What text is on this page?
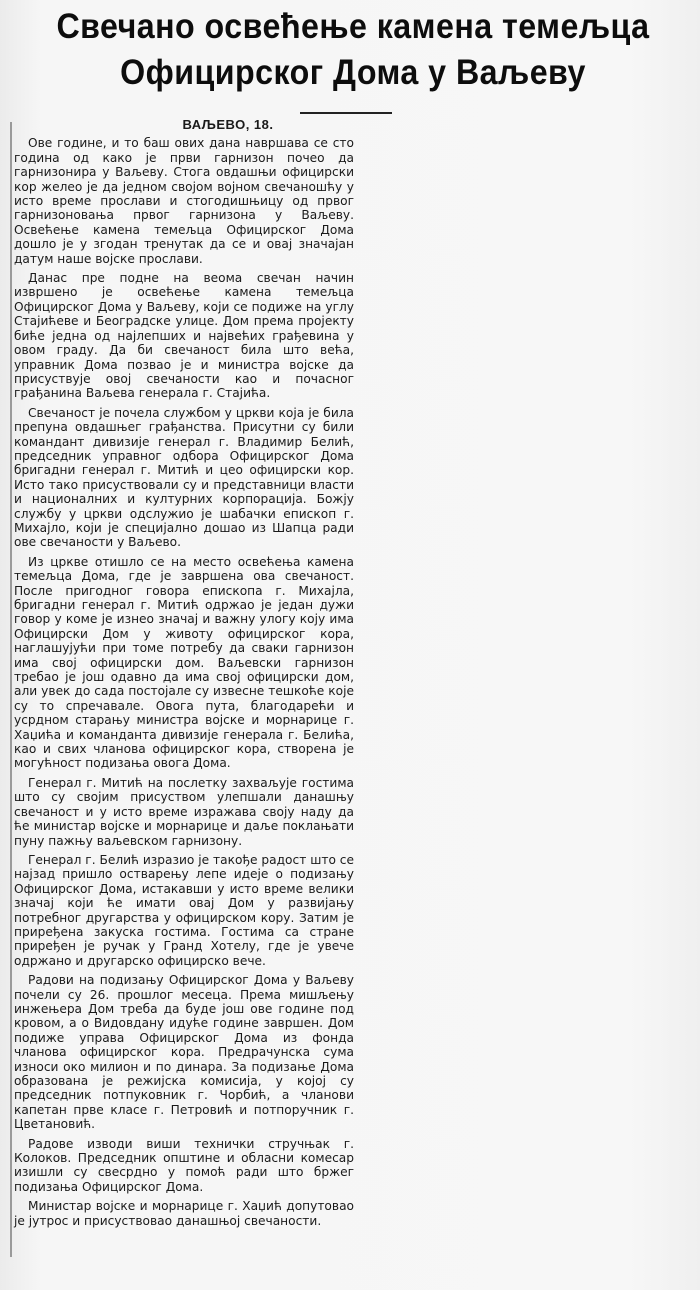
Свечано освећење камена темељца
Официрског Дома у Ваљеву
ВАЉЕВО, 18.

Ове године, и то баш ових дана навршава се сто година од како је први гарнизон почео да гарнизонира у Ваљеву. Стога овдашњи официрски кор желео је да једном својом војном свечаношћу у исто време прослави и стогодишњицу од првог гарнизоновања првог гарнизона у Ваљеву. Освећење камена темељца Официрског Дома дошло је у згодан тренутак да се и овај значајан датум наше војске прослави.

Данас пре подне на веома свечан начин извршено је освећење камена темељца Официрског Дома у Ваљеву, који се подиже на углу Стајићеве и Београдске улице. Дом према пројекту биће једна од најлепших и највећих грађевина у овом граду. Да би свечаност била што већа, управник Дома позвао је и министра војске да присуствује овој свечаности као и почасног грађанина Ваљева генерала г. Стајића.

Свечаност је почела службом у цркви која је била препуна овдашњег грађанства. Присутни су били командант дивизије генерал г. Владимир Белић, председник управног одбора Официрског Дома бригадни генерал г. Митић и цео официрски кор. Исто тако присуствовали су и представници власти и националних и културних корпорација. Божју службу у цркви одслужио је шабачки епископ г. Михајло, који је специјално дошао из Шапца ради ове свечаности у Ваљево.

Из цркве отишло се на место освећења камена темељца Дома, где је завршена ова свечаност. После пригодног говора епископа г. Михајла, бригадни генерал г. Митић одржао је један дужи говор у коме је изнео значај и важну улогу коју има Официрски Дом у животу официрског кора, наглашујући при томе потребу да сваки гарнизон има свој официрски дом. Ваљевски гарнизон требао је још одавно да има свој официрски дом, али увек до сада постојале су извесне тешкоће које су то спречавале. Овога пута, благодарећи и усрдном старању министра војске и морнарице г. Хаџића и команданта дивизије генерала г. Белића, као и свих чланова официрског кора, створена је могућност подизања овога Дома.

Генерал г. Митић на послетку захваљује гостима што су својим присуством улепшали данашњу свечаност и у исто време изражава своју наду да ће министар војске и морнарице и даље поклањати пуну пажњу ваљевском гарнизону.

Генерал г. Белић изразио је такође радост што се најзад пришло остварењу лепе идеје о подизању Официрског Дома, истакавши у исто време велики значај који ће имати овај Дом у развијању потребног другарства у официрском кору. Затим је приређена закуска гостима. Гостима са стране приређен је ручак у Гранд Хотелу, где је увече одржано и другарско официрско вече.

Радови на подизању Официрског Дома у Ваљеву почели су 26. прошлог месеца. Према мишљењу инжењера Дом треба да буде још ове године под кровом, а о Видовдану идуће године завршен. Дом подиже управа Официрског Дома из фонда чланова официрског кора. Предрачунска сума износи око милион и по динара. За подизање Дома образована је режијска комисија, у којој су председник потпуковник г. Чорбић, а чланови капетан прве класе г. Петровић и потпоручник г. Цветановић.

Радове изводи виши технички стручњак г. Колоков. Председник општине и обласни комесар изишли су свесрдно у помоћ ради што бржег подизања Официрског Дома.

Министар војске и морнарице г. Хаџић допутовао је јутрос и присуствовао данашњој свечаности.
